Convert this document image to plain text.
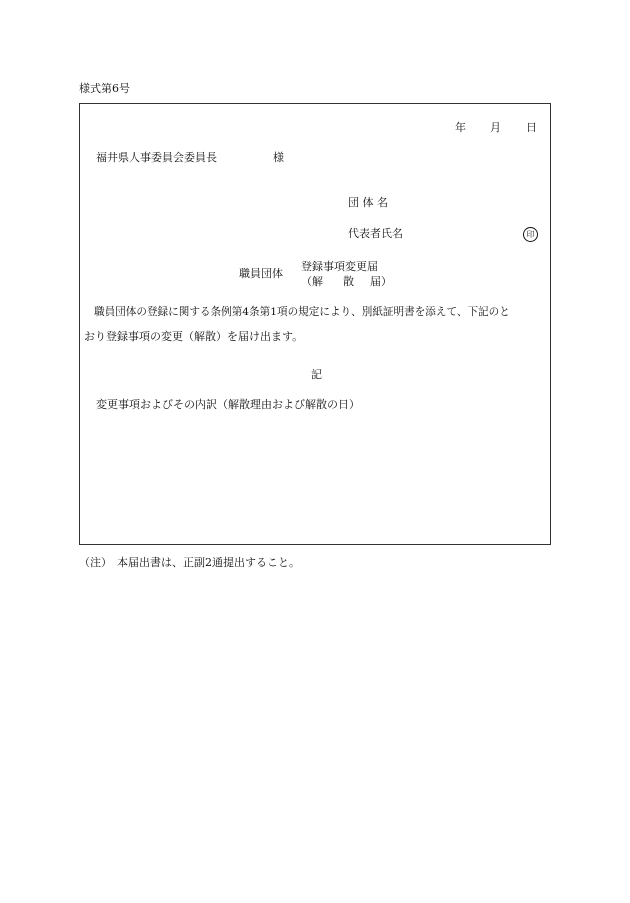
様式第6号
年 月 日
福井県人事委員会委員長	様
団 体 名
代表者氏名	印
職員団体
登録事項変更届
（解 散 届）
職員団体の登録に関する条例第4条第1項の規定により、別紙証明書を添えて、下記のと
おり登録事項の変更（解散）を届け出ます。
記
変更事項およびその内訳（解散理由および解散の日）
（注） 本届出書は、正副2通提出すること。
